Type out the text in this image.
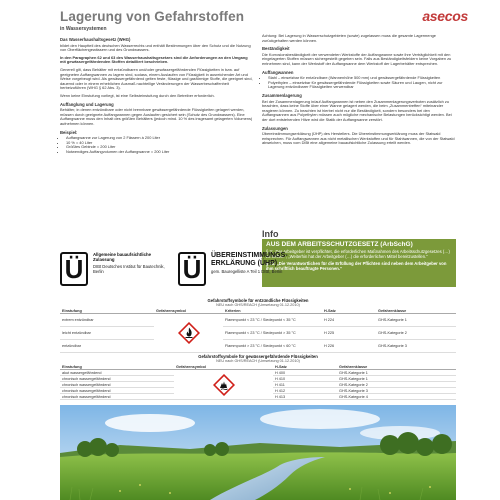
Lagerung von Gefahrstoffen
in Wassersystemen
asecos
Das Wasserhaushaltsgesetz (WHG)

bildet den Hauptteil des deutschen Wasserrechts und enthält Bestimmungen über den Schutz und die Nutzung von Oberflächengewässern und des Grundwassers.

In den Paragraphen 62 und 63 des Wasserhaushaltsgesetzes sind die Anforderungen an den Umgang mit gewässergefährdenden Stoffen detailliert beschrieben.

Generell gilt, dass Behälter mit entzündbaren und/oder gewässergefährdenden Flüssigkeiten in bzw. auf geeigneten Auffangwannen zu lagern sind, sodass, einem Auslaufen von Flüssigkeit in ausreichender Art und Weise vorgebeugt wird. Als gewässergefährdend gelten feste, flüssige und gasförmige Stoffe, die geeignet sind, dauernd oder in einem erheblichen Ausmaß nachteilige Veränderungen der Wasserbeschaffenheit herbeizuführen (WHG § 62 Abs. 3).

Wenn keine Einstufung vorliegt, ist eine Selbsteinstufung durch den Betreiber erforderlich.

Auffanglung und Lagerung

Behälter, in denen entzündbare oder nicht brennbare gewässergefährdende Flüssigkeiten gelagert werden, müssen durch geeignete Auffangwannen gegen Auslaufen gesichert sein (Schutz des Grundwassers). Eine Auffangwanne muss den Inhalt des größten Behälters (jedoch mind. 10 % des insgesamt gelagerten Volumens) aufnehmen können.

Beispiel:
• Auffangwanne zur Lagerung von 2 Fässern à 200 Liter
• 10 % = 40 Liter
• Größtes Gebinde = 200 Liter
• Notwendiges Auffangvolumen der Auffangwanne = 200 Liter

Achtung: Bei Lagerung in Wasserschutzgebieten (sowie) zugelassen muss die gesamte Lagermenge zurückgehalten werden können.

Beständigkeit

Die Korrosionsbeständigkeit der verwendeten Werkstoffe der Auffangwanne sowie ihre Verträglichkeit mit den eingelagerten Stoffen müssen sichergestellt gegeben sein. Falls aus Beständigkeitsfeldern keine Vorgaben zu entnehmen sind, kann der Werkstoff der Auffangwanne dem Werkstoff der Lagerbehälter entsprechen.

Auffangwannen
• Stahl – einsetzbar für entzündbare (Wannenhöhe 500 mm) und gewässergefährdende Flüssigkeiten
• Polyethylen – einsetzbar für gewässergefährdende Flüssigkeiten sowie Säuren und Laugen, nicht zur Lagerung entzündbarer Flüssigkeiten verwendbar
Zusammenlagerung

Bei der Zusammenlagerung in/auf Auffangwannen ist neben den Zusammenlagerungsverboten zusätzlich zu beachten, dass keine Stoffe über einer Wanne gelagert werden, die beim „Zusammentreffen“ miteinander reagieren können. Zu beachten ist hierbei nicht nur die Beständigkeit, sondern besonders bei den Auffangwannen aus Polyethylen müssen auch mögliche mechanische Belastungen berücksichtigt werden. Bei der dort entstehenden Hitze wird die Statik der Auffangwanne zerstört.

Zulassungen

Übereinstimmungserklärung (ÜHP) des Herstellers. Die Übereinstimmungserklärung muss der Statwald entsprechen. Für Auffangwannen aus nicht metallischen Werkstoffen und für Stahlwannen, die von der Statwald abweichen, muss vom DIBt eine allgemeine bauaufsichtliche Zulassung erteilt werden.

Info
AUS DEM ARBEITSSCHUTZGESETZ (ArbSchG)

§ 3: „Der Arbeitgeber ist verpflichtet, die erforderlichen Maßnahmen des Arbeitsschutzgesetzes (…) zu treffen.“, „Weiterhin hat der Arbeitgeber (…) die erforderlichen Mittel bereitzustellen.“

§ 13: „Die Verantwortlichen für die Erfüllung der Pflichten sind neben dem Arbeitgeber von ihm schriftlich beauftragte Personen.“

Ü	Allgemeine bauaufsichtliche Zulassung
DIBt Deutsches Institut für Bautechnik, Berlin	Ü	ÜBEREINSTIMMUNGS-ERKLÄRUNG (ÜHP)
gem. Bauregelliste A Teil 1 DIBt, Berlin
Gefahrstoffsymbole für entzündliche Flüssigkeiten
NEU nach GHS/REACH (Umsetzung 01.12.2010)
Einstufung	Gefahrensymbol	Kriterien	H-Satz	Gefahrenklasse
extrem entzündbar		Flammpunkt < 23 °C / Siedepunkt < 35 °C	H 224	GHS-Kategorie 1
leicht entzündbar		Flammpunkt < 23 °C / Siedepunkt > 35 °C	H 225	GHS-Kategorie 2
entzündbar		Flammpunkt > 23 °C / Siedepunkt < 60 °C	H 226	GHS-Kategorie 3
Gefahrstoffsymbole für gewässergefährdende Flüssigkeiten
NEU nach GHS/REACH (Umsetzung 01.12.2010)
Einstufung	Gefahrensymbol	H-Satz	Gefahrenklasse
akut wassergefährdend		H 400	GHS-Kategorie 1
chronisch wassergefährdend		H 410	GHS-Kategorie 1
chronisch wassergefährdend		H 411	GHS-Kategorie 2
chronisch wassergefährdend		H 412	GHS-Kategorie 3
chronisch wassergefährdend		H 413	GHS-Kategorie 4
